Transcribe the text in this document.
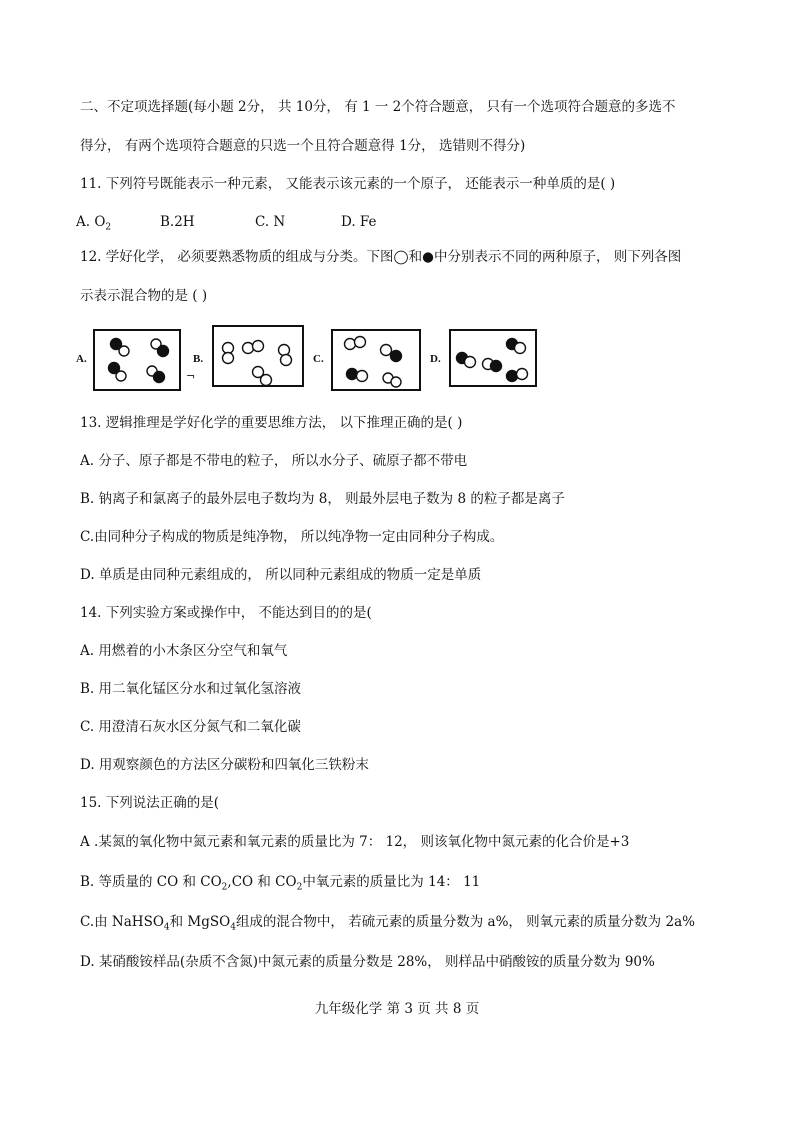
二、不定项选择题(每小题 2分， 共 10分， 有 1 一 2个符合题意， 只有一个选项符合题意的多选不
得分， 有两个选项符合题意的只选一个且符合题意得 1分， 选错则不得分)
11. 下列符号既能表示一种元素， 又能表示该元素的一个原子， 还能表示一种单质的是( )
A. $O_2$	B.2H	C. N	D. Fe
12. 学好化学， 必须要熟悉物质的组成与分类。下图◯和●中分别表示不同的两种原子， 则下列各图
示表示混合物的是 ( )
A.	B.	C.	D.
¬
13. 逻辑推理是学好化学的重要思维方法， 以下推理正确的是( )
A. 分子、原子都是不带电的粒子， 所以水分子、硫原子都不带电
B. 钠离子和氯离子的最外层电子数均为 8， 则最外层电子数为 8 的粒子都是离子
C.由同种分子构成的物质是纯净物， 所以纯净物一定由同种分子构成。
D. 单质是由同种元素组成的， 所以同种元素组成的物质一定是单质
14. 下列实验方案或操作中， 不能达到目的的是(
A. 用燃着的小木条区分空气和氧气
B. 用二氧化锰区分水和过氧化氢溶液
C. 用澄清石灰水区分氮气和二氧化碳
D. 用观察颜色的方法区分碳粉和四氧化三铁粉末
15. 下列说法正确的是(
A .某氮的氧化物中氮元素和氧元素的质量比为 7： 12， 则该氧化物中氮元素的化合价是+3
B. 等质量的 CO 和 $CO_2,CO$ 和 $CO_2$中氧元素的质量比为 14： 11
C.由 NaHSO$_4$和 MgSO$_4$组成的混合物中， 若硫元素的质量分数为 a%， 则氧元素的质量分数为 2a%
D. 某硝酸铵样品(杂质不含氮)中氮元素的质量分数是 28%， 则样品中硝酸铵的质量分数为 90%
九年级化学 第 3 页 共 8 页
